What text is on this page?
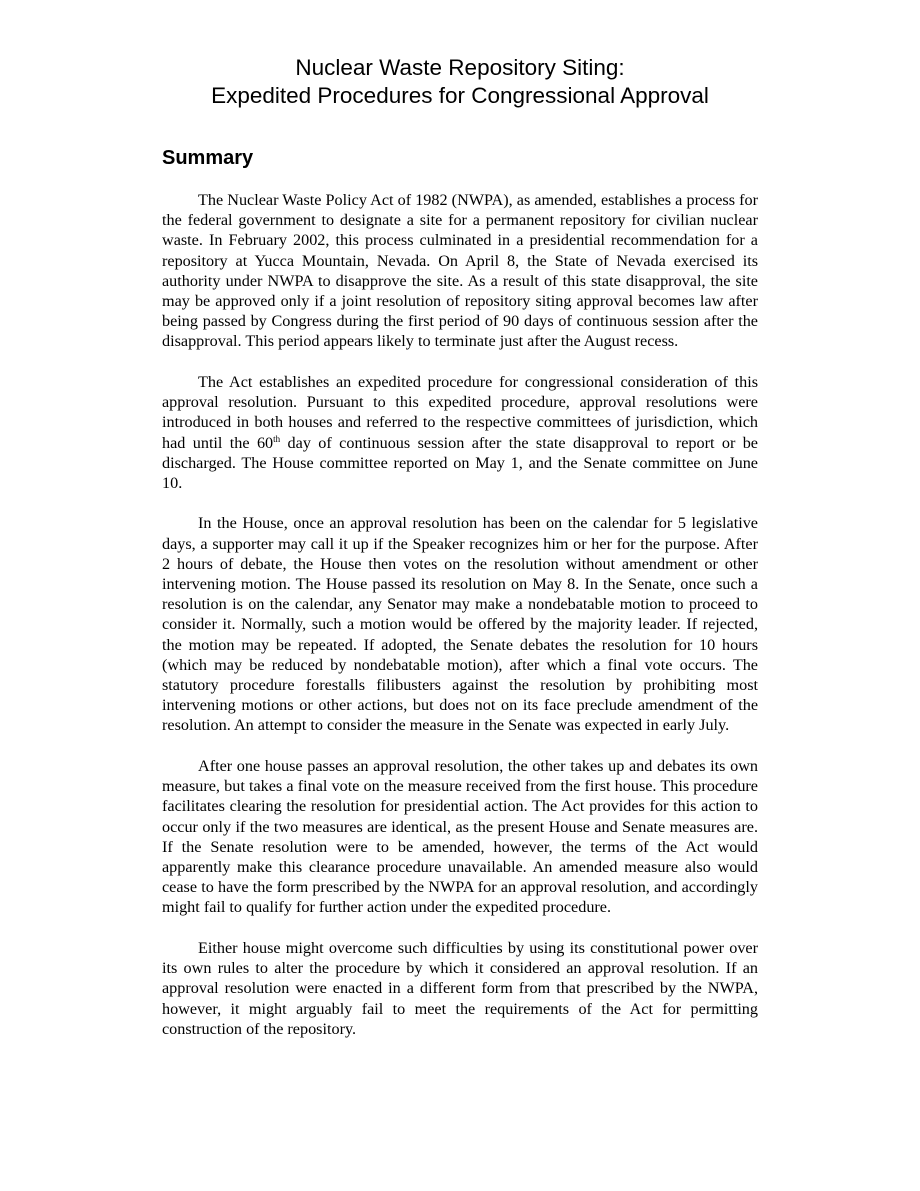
Nuclear Waste Repository Siting:
Expedited Procedures for Congressional Approval
Summary

The Nuclear Waste Policy Act of 1982 (NWPA), as amended, establishes a process for the federal government to designate a site for a permanent repository for civilian nuclear waste. In February 2002, this process culminated in a presidential recommendation for a repository at Yucca Mountain, Nevada. On April 8, the State of Nevada exercised its authority under NWPA to disapprove the site. As a result of this state disapproval, the site may be approved only if a joint resolution of repository siting approval becomes law after being passed by Congress during the first period of 90 days of continuous session after the disapproval. This period appears likely to terminate just after the August recess.

The Act establishes an expedited procedure for congressional consideration of this approval resolution. Pursuant to this expedited procedure, approval resolutions were introduced in both houses and referred to the respective committees of jurisdiction, which had until the 60th day of continuous session after the state disapproval to report or be discharged. The House committee reported on May 1, and the Senate committee on June 10.

In the House, once an approval resolution has been on the calendar for 5 legislative days, a supporter may call it up if the Speaker recognizes him or her for the purpose. After 2 hours of debate, the House then votes on the resolution without amendment or other intervening motion. The House passed its resolution on May 8. In the Senate, once such a resolution is on the calendar, any Senator may make a nondebatable motion to proceed to consider it. Normally, such a motion would be offered by the majority leader. If rejected, the motion may be repeated. If adopted, the Senate debates the resolution for 10 hours (which may be reduced by nondebatable motion), after which a final vote occurs. The statutory procedure forestalls filibusters against the resolution by prohibiting most intervening motions or other actions, but does not on its face preclude amendment of the resolution. An attempt to consider the measure in the Senate was expected in early July.

After one house passes an approval resolution, the other takes up and debates its own measure, but takes a final vote on the measure received from the first house. This procedure facilitates clearing the resolution for presidential action. The Act provides for this action to occur only if the two measures are identical, as the present House and Senate measures are. If the Senate resolution were to be amended, however, the terms of the Act would apparently make this clearance procedure unavailable. An amended measure also would cease to have the form prescribed by the NWPA for an approval resolution, and accordingly might fail to qualify for further action under the expedited procedure.

Either house might overcome such difficulties by using its constitutional power over its own rules to alter the procedure by which it considered an approval resolution. If an approval resolution were enacted in a different form from that prescribed by the NWPA, however, it might arguably fail to meet the requirements of the Act for permitting construction of the repository.
